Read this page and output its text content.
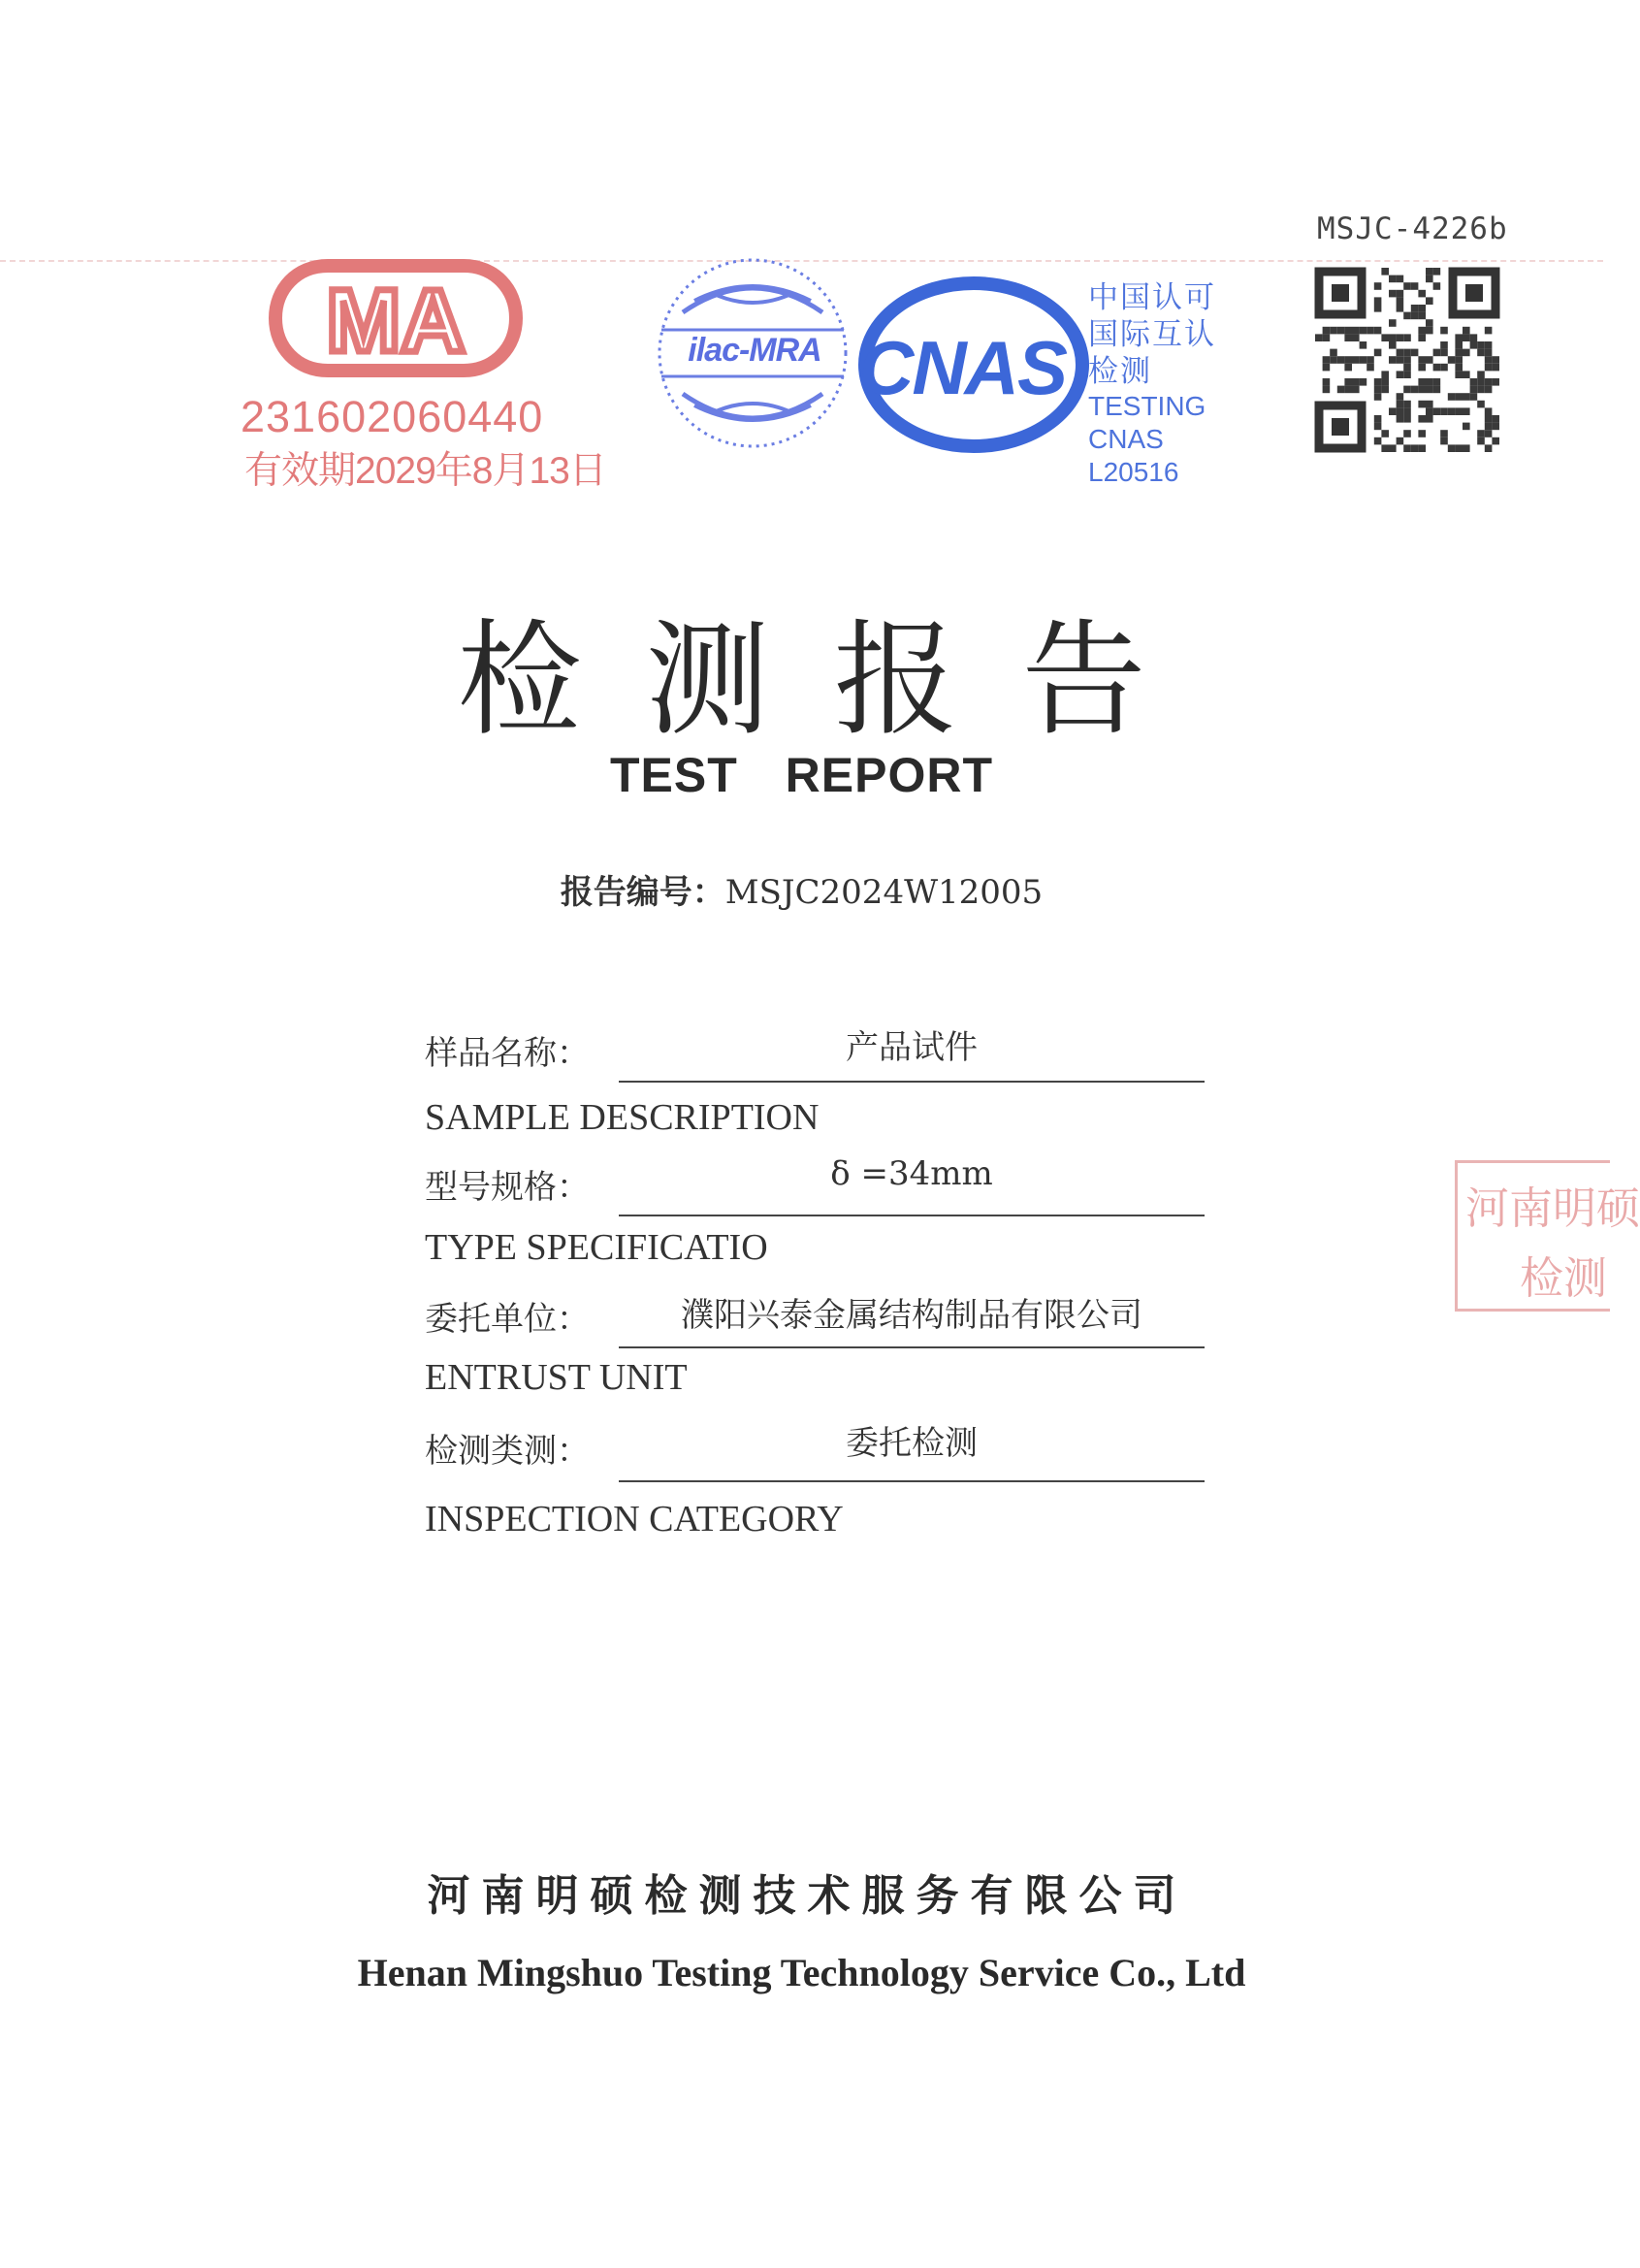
MSJC-4226b
MA
231602060440
有效期2029年8月13日
ilac-MRA CNAS
中国认可
国际互认
检测
TESTING
CNAS L20516
检测报告
TEST REPORT
报告编号：MSJC2024W12005
样品名称：	产品试件
SAMPLE DESCRIPTION
型号规格：	δ =34mm
TYPE SPECIFICATIO
委托单位：	濮阳兴泰金属结构制品有限公司
ENTRUST UNIT
检测类测：	委托检测
INSPECTION CATEGORY
河南明硕
检测
河南明硕检测技术服务有限公司
Henan Mingshuo Testing Technology Service Co., Ltd
